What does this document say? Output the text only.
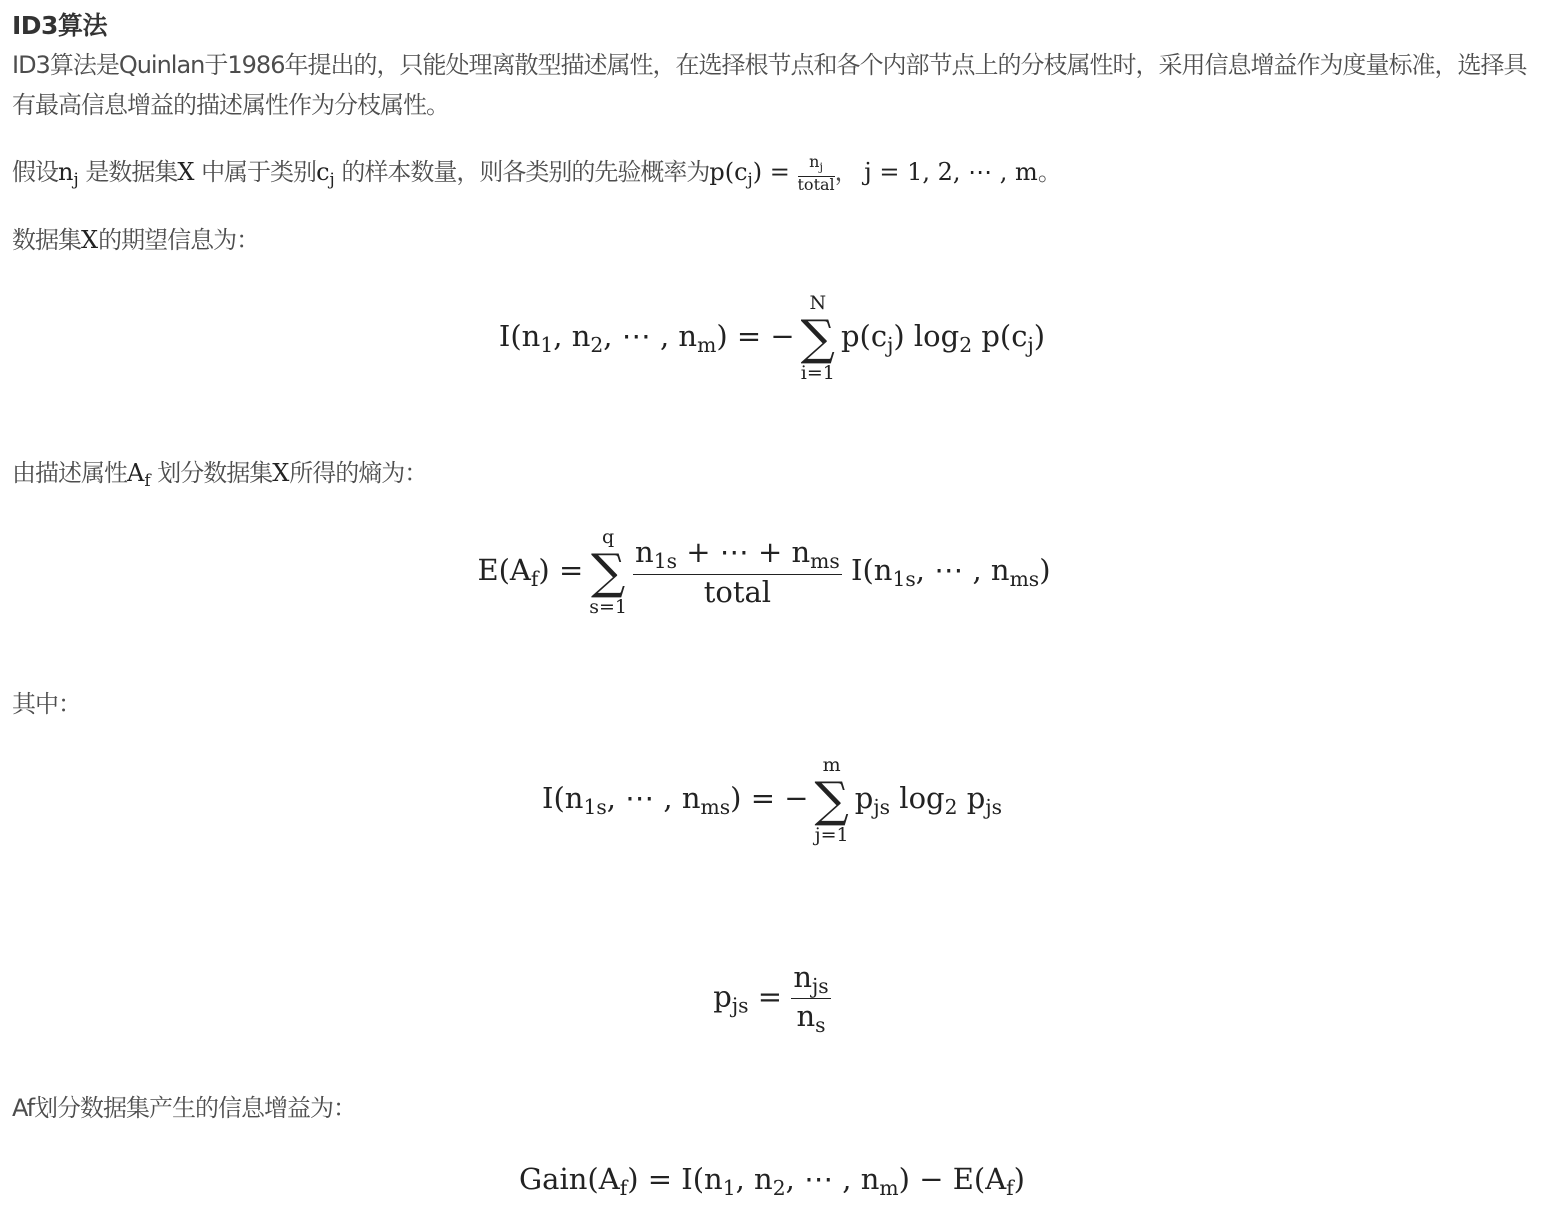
ID3算法

ID3算法是Quinlan于1986年提出的，只能处理离散型描述属性，在选择根节点和各个内部节点上的分枝属性时，采用信息增益作为度量标准，选择具有最高信息增益的描述属性作为分枝属性。

假设$n_j$ 是数据集X 中属于类别$c_j$ 的样本数量，则各类别的先验概率为$p(c_j) = \frac{n_j}{\text{total}}$ ， j = 1, 2, ⋯ , m。

数据集X的期望信息为：

$I(n_1$, $n_2$, ⋯ , $n_m$) = −
N
∑
i=1
$p(c_j)$ $\log_2 p(c_j)$

由描述属性$A_f$ 划分数据集X所得的熵为：

$E(A_f)$ =
q
∑
$s=1 \frac{n_{1s} + \cdots + n_{ms}}{\text{total}} I(n_{1s}$, ⋯ , $n_{ms}$)

其中：

$I(n_{1s}$, ⋯ , $n_{ms}$) = −
m
∑
j=1
$p_{js}$ $\log_2 p_{js}$
$p_{js} = \frac{n_{js}}{n_s}$

Af划分数据集产生的信息增益为：

$Gain(A_f) = I(n_1$, $n_2$, ⋯ , $n_m) - E(A_f)$
